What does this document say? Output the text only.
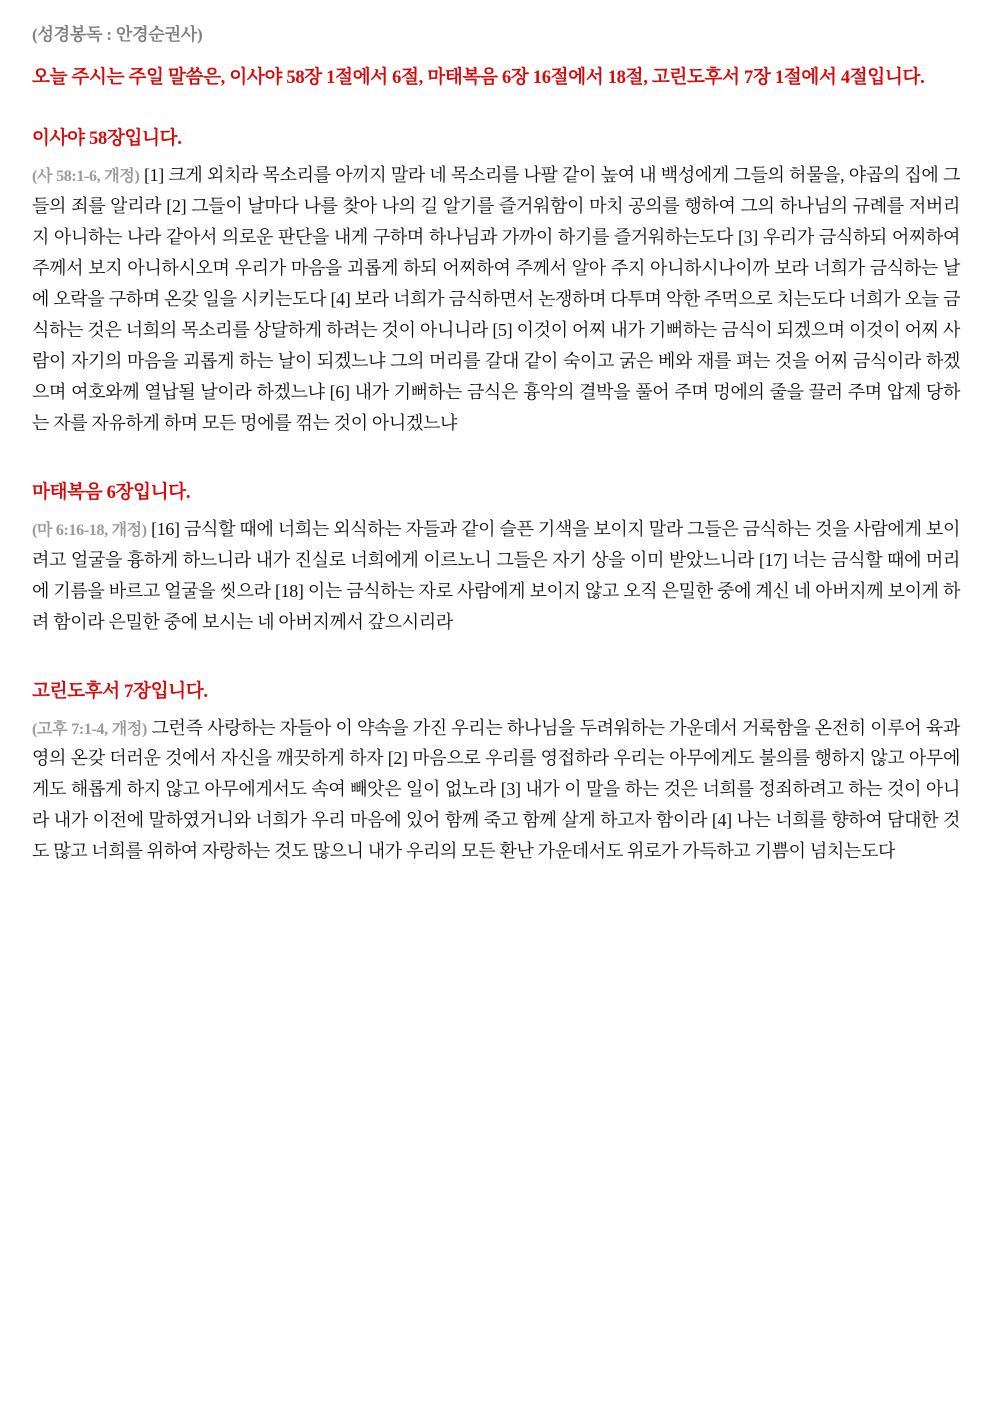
(성경봉독 : 안경순권사)

오늘 주시는 주일 말씀은, 이사야 58장 1절에서 6절, 마태복음 6장 16절에서 18절, 고린도후서 7장 1절에서 4절입니다.

이사야 58장입니다.

(사 58:1-6, 개정) [1] 크게 외치라 목소리를 아끼지 말라 네 목소리를 나팔 같이 높여 내 백성에게 그들의 허물을, 야곱의 집에 그들의 죄를 알리라 [2] 그들이 날마다 나를 찾아 나의 길 알기를 즐거워함이 마치 공의를 행하여 그의 하나님의 규례를 저버리지 아니하는 나라 같아서 의로운 판단을 내게 구하며 하나님과 가까이 하기를 즐거워하는도다 [3] 우리가 금식하되 어찌하여 주께서 보지 아니하시오며 우리가 마음을 괴롭게 하되 어찌하여 주께서 알아 주지 아니하시나이까 보라 너희가 금식하는 날에 오락을 구하며 온갖 일을 시키는도다 [4] 보라 너희가 금식하면서 논쟁하며 다투며 악한 주먹으로 치는도다 너희가 오늘 금식하는 것은 너희의 목소리를 상달하게 하려는 것이 아니니라 [5] 이것이 어찌 내가 기뻐하는 금식이 되겠으며 이것이 어찌 사람이 자기의 마음을 괴롭게 하는 날이 되겠느냐 그의 머리를 갈대 같이 숙이고 굵은 베와 재를 펴는 것을 어찌 금식이라 하겠으며 여호와께 열납될 날이라 하겠느냐 [6] 내가 기뻐하는 금식은 흉악의 결박을 풀어 주며 멍에의 줄을 끌러 주며 압제 당하는 자를 자유하게 하며 모든 멍에를 꺾는 것이 아니겠느냐

마태복음 6장입니다.

(마 6:16-18, 개정) [16] 금식할 때에 너희는 외식하는 자들과 같이 슬픈 기색을 보이지 말라 그들은 금식하는 것을 사람에게 보이려고 얼굴을 흉하게 하느니라 내가 진실로 너희에게 이르노니 그들은 자기 상을 이미 받았느니라 [17] 너는 금식할 때에 머리에 기름을 바르고 얼굴을 씻으라 [18] 이는 금식하는 자로 사람에게 보이지 않고 오직 은밀한 중에 계신 네 아버지께 보이게 하려 함이라 은밀한 중에 보시는 네 아버지께서 갚으시리라

고린도후서 7장입니다.

(고후 7:1-4, 개정) 그런즉 사랑하는 자들아 이 약속을 가진 우리는 하나님을 두려워하는 가운데서 거룩함을 온전히 이루어 육과 영의 온갖 더러운 것에서 자신을 깨끗하게 하자 [2] 마음으로 우리를 영접하라 우리는 아무에게도 불의를 행하지 않고 아무에게도 해롭게 하지 않고 아무에게서도 속여 빼앗은 일이 없노라 [3] 내가 이 말을 하는 것은 너희를 정죄하려고 하는 것이 아니라 내가 이전에 말하였거니와 너희가 우리 마음에 있어 함께 죽고 함께 살게 하고자 함이라 [4] 나는 너희를 향하여 담대한 것도 많고 너희를 위하여 자랑하는 것도 많으니 내가 우리의 모든 환난 가운데서도 위로가 가득하고 기쁨이 넘치는도다
